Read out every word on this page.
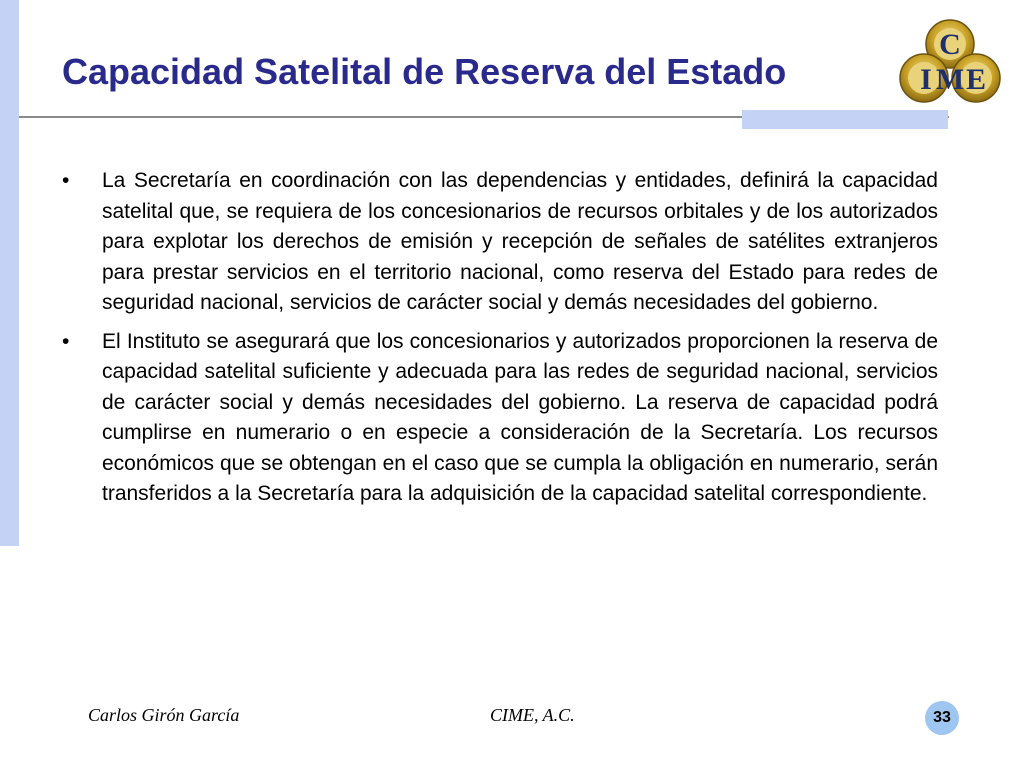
Capacidad Satelital de Reserva del Estado
C
I M E
• La Secretaría en coordinación con las dependencias y entidades, definirá la capacidad satelital que, se requiera de los concesionarios de recursos orbitales y de los autorizados para explotar los derechos de emisión y recepción de señales de satélites extranjeros para prestar servicios en el territorio nacional, como reserva del Estado para redes de seguridad nacional, servicios de carácter social y demás necesidades del gobierno.
• El Instituto se asegurará que los concesionarios y autorizados proporcionen la reserva de capacidad satelital suficiente y adecuada para las redes de seguridad nacional, servicios de carácter social y demás necesidades del gobierno. La reserva de capacidad podrá cumplirse en numerario o en especie a consideración de la Secretaría. Los recursos económicos que se obtengan en el caso que se cumpla la obligación en numerario, serán transferidos a la Secretaría para la adquisición de la capacidad satelital correspondiente.
Carlos Girón García	CIME, A.C.	33
